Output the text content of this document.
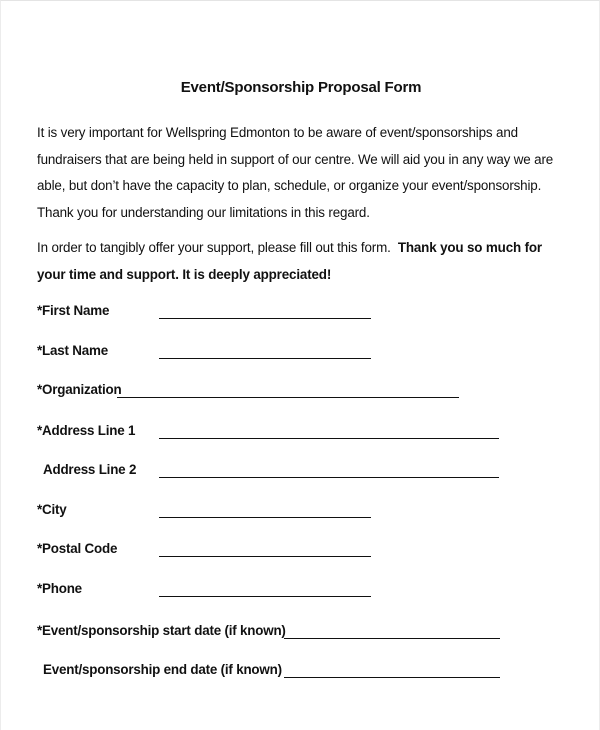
Event/Sponsorship Proposal Form
It is very important for Wellspring Edmonton to be aware of event/sponsorships and fundraisers that are being held in support of our centre. We will aid you in any way we are able, but don’t have the capacity to plan, schedule, or organize your event/sponsorship. Thank you for understanding our limitations in this regard.
In order to tangibly offer your support, please fill out this form. Thank you so much for your time and support. It is deeply appreciated!
*First Name
*Last Name
*Organization
*Address Line 1
Address Line 2
*City
*Postal Code
*Phone
*Event/sponsorship start date (if known)
Event/sponsorship end date (if known)
